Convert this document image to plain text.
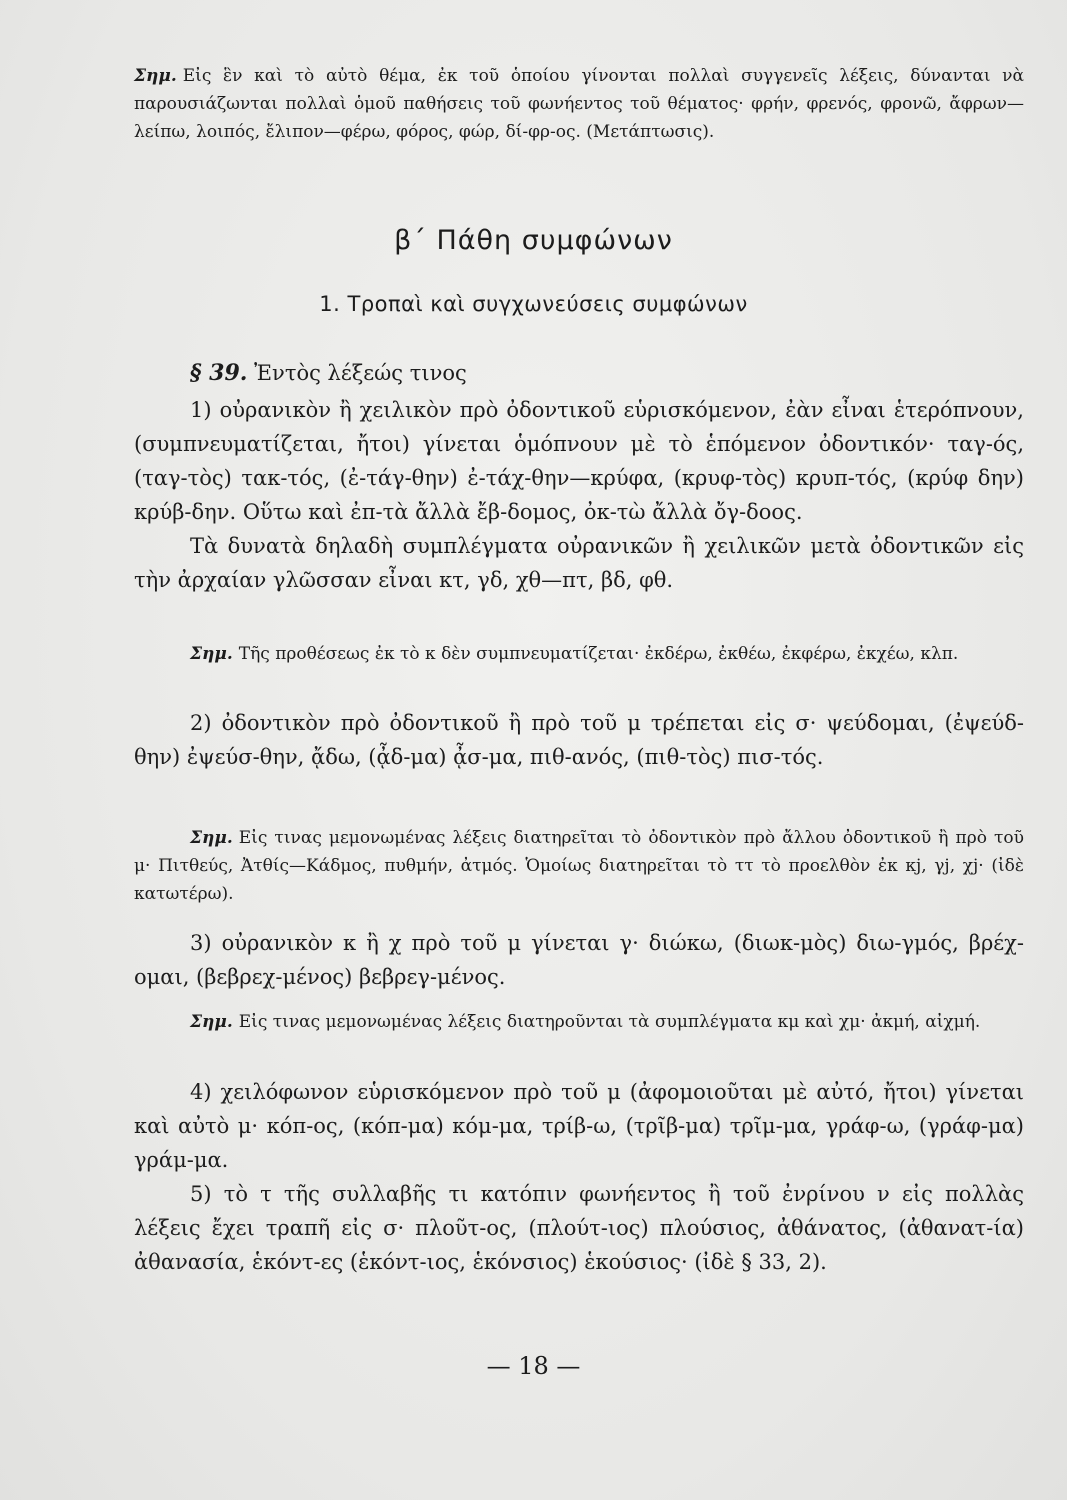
Σημ. Εἰς ἓν καὶ τὸ αὐτὸ θέμα, ἐκ τοῦ ὁποίου γίνονται πολλαὶ συγγενεῖς λέξεις, δύνανται νὰ παρουσιάζωνται πολλαὶ ὁμοῦ παθήσεις τοῦ φωνήεντος τοῦ θέματος· φρήν, φρενός, φρονῶ, ἄφρων—λείπω, λοιπός, ἔλιπον—φέρω, φόρος, φώρ, δί-φρ-ος. (Μετάπτωσις).

β΄ Πάθη συμφώνων
1. Τροπαὶ καὶ συγχωνεύσεις συμφώνων

§ 39. Ἐντὸς λέξεώς τινος

1) οὐρανικὸν ἢ χειλικὸν πρὸ ὀδοντικοῦ εὑρισκόμενον, ἐὰν εἶναι ἑτερόπνουν, (συμπνευματίζεται, ἤτοι) γίνεται ὁμόπνουν μὲ τὸ ἑπόμενον ὀδοντικόν· ταγ-ός, (ταγ-τὸς) τακ-τός, (ἐ-τάγ-θην) ἐ-τάχ-θην—κρύφα, (κρυφ-τὸς) κρυπ-τός, (κρύφ δην) κρύβ-δην. Οὕτω καὶ ἐπ-τὰ ἄλλὰ ἔβ-δομος, ὀκ-τὼ ἄλλὰ ὄγ-δοος.

Τὰ δυνατὰ δηλαδὴ συμπλέγματα οὐρανικῶν ἢ χειλικῶν μετὰ ὀδοντικῶν εἰς τὴν ἀρχαίαν γλῶσσαν εἶναι κτ, γδ, χθ—πτ, βδ, φθ.

Σημ. Τῆς προθέσεως ἐκ τὸ κ δὲν συμπνευματίζεται· ἐκδέρω, ἐκθέω, ἐκφέρω, ἐκχέω, κλπ.

2) ὀδοντικὸν πρὸ ὀδοντικοῦ ἢ πρὸ τοῦ μ τρέπεται εἰς σ· ψεύδομαι, (ἐψεύδ-θην) ἐψεύσ-θην, ᾄδω, (ᾆδ-μα) ᾆσ-μα, πιθ-ανός, (πιθ-τὸς) πισ-τός.

Σημ. Εἰς τινας μεμονωμένας λέξεις διατηρεῖται τὸ ὀδοντικὸν πρὸ ἄλλου ὀδοντικοῦ ἢ πρὸ τοῦ μ· Πιτθεύς, Ἀτθίς—Κάδμος, πυθμήν, ἀτμός. Ὁμοίως διατηρεῖται τὸ ττ τὸ προελθὸν ἐκ κj, γj, χj· (ἰδὲ κατωτέρω).

3) οὐρανικὸν κ ἢ χ πρὸ τοῦ μ γίνεται γ· διώκω, (διωκ-μὸς) διω-γμός, βρέχ-ομαι, (βεβρεχ-μένος) βεβρεγ-μένος.

Σημ. Εἰς τινας μεμονωμένας λέξεις διατηροῦνται τὰ συμπλέγματα κμ καὶ χμ· ἀκμή, αἰχμή.

4) χειλόφωνον εὑρισκόμενον πρὸ τοῦ μ (ἀφομοιοῦται μὲ αὐτό, ἤτοι) γίνεται καὶ αὐτὸ μ· κόπ-ος, (κόπ-μα) κόμ-μα, τρίβ-ω, (τρῖβ-μα) τρῖμ-μα, γράφ-ω, (γράφ-μα) γράμ-μα.

5) τὸ τ τῆς συλλαβῆς τι κατόπιν φωνήεντος ἢ τοῦ ἐνρίνου ν εἰς πολλὰς λέξεις ἔχει τραπῆ εἰς σ· πλοῦτ-ος, (πλούτ-ιος) πλούσιος, ἀθάνατος, (ἀθανατ-ία) ἀθανασία, ἑκόντ-ες (ἑκόντ-ιος, ἑκόνσιος) ἑκούσιος· (ἰδὲ § 33, 2).

— 18 —
